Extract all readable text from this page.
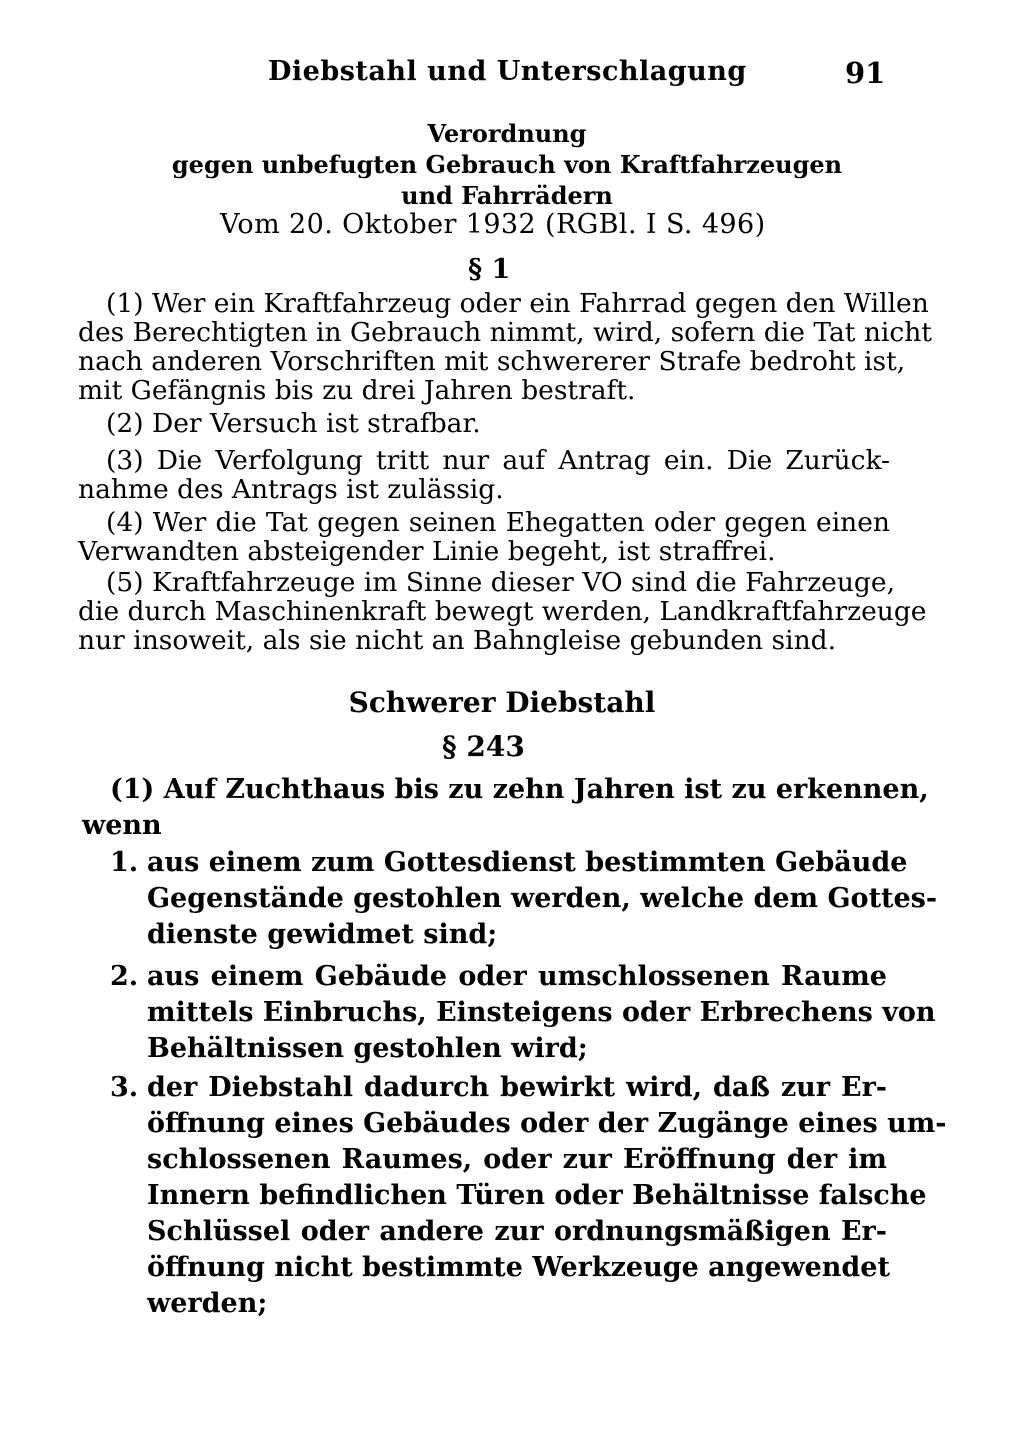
Diebstahl und Unterschlagung	91
Verordnung
gegen unbefugten Gebrauch von Kraftfahrzeugen
und Fahrrädern
Vom 20. Oktober 1932 (RGBl. I S. 496)
§ 1
(1) Wer ein Kraftfahrzeug oder ein Fahrrad gegen den Willen
des Berechtigten in Gebrauch nimmt, wird, sofern die Tat nicht
nach anderen Vorschriften mit schwererer Strafe bedroht ist,
mit Gefängnis bis zu drei Jahren bestraft.
(2) Der Versuch ist strafbar.
(3) Die Verfolgung tritt nur auf Antrag ein. Die Zurück-
nahme des Antrags ist zulässig.
(4) Wer die Tat gegen seinen Ehegatten oder gegen einen
Verwandten absteigender Linie begeht, ist straffrei.
(5) Kraftfahrzeuge im Sinne dieser VO sind die Fahrzeuge,
die durch Maschinenkraft bewegt werden, Landkraftfahrzeuge
nur insoweit, als sie nicht an Bahngleise gebunden sind.
Schwerer Diebstahl
§ 243
(1) Auf Zuchthaus bis zu zehn Jahren ist zu erkennen,
wenn
1. aus einem zum Gottesdienst bestimmten Gebäude
Gegenstände gestohlen werden, welche dem Gottes-
dienste gewidmet sind;
2. aus einem Gebäude oder umschlossenen Raume
mittels Einbruchs, Einsteigens oder Erbrechens von
Behältnissen gestohlen wird;
3. der Diebstahl dadurch bewirkt wird, daß zur Er-
öffnung eines Gebäudes oder der Zugänge eines um-
schlossenen Raumes, oder zur Eröffnung der im
Innern befindlichen Türen oder Behältnisse falsche
Schlüssel oder andere zur ordnungsmäßigen Er-
öffnung nicht bestimmte Werkzeuge angewendet
werden;
